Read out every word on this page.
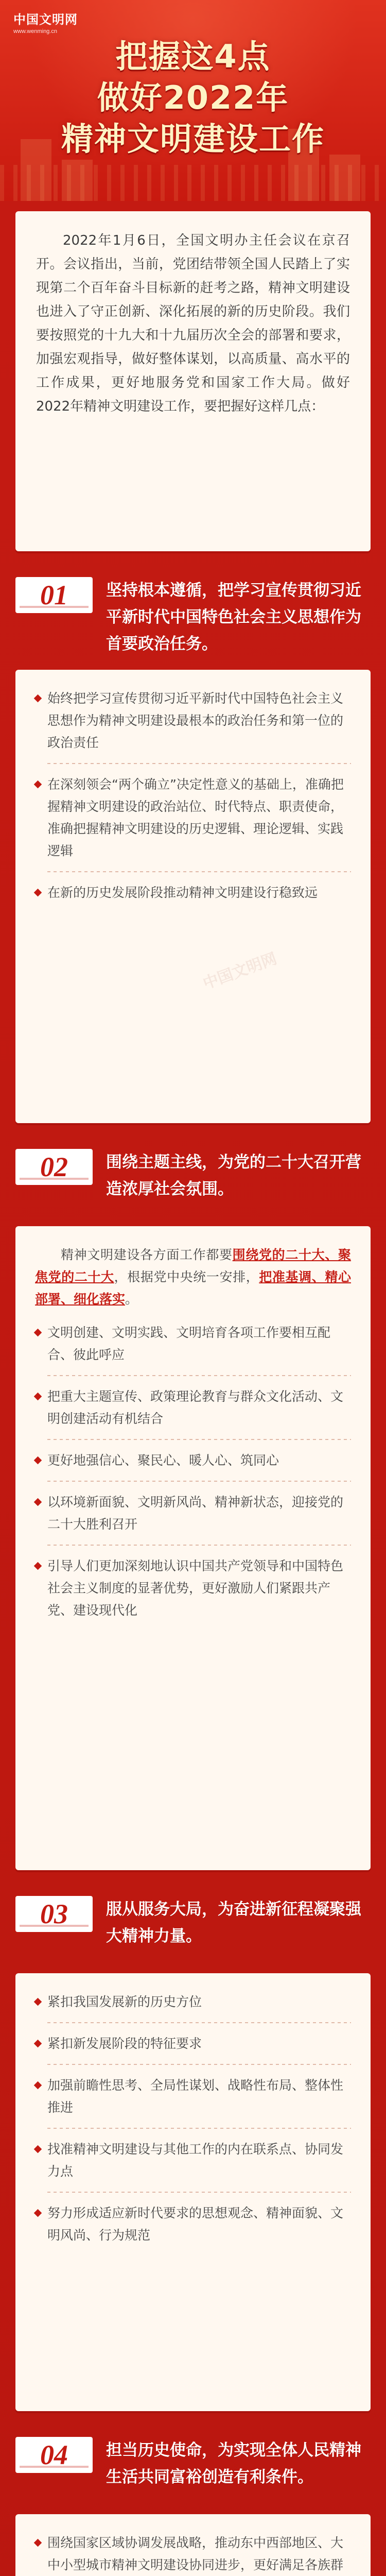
中国文明网
www.wenming.cn
把握这4点
做好2022年
精神文明建设工作

2022年1月6日，全国文明办主任会议在京召开。会议指出，当前，党团结带领全国人民踏上了实现第二个百年奋斗目标新的赶考之路，精神文明建设也进入了守正创新、深化拓展的新的历史阶段。我们要按照党的十九大和十九届历次全会的部署和要求，加强宏观指导，做好整体谋划，以高质量、高水平的工作成果，更好地服务党和国家工作大局。做好2022年精神文明建设工作，要把握好这样几点：

01	坚持根本遵循，把学习宣传贯彻习近平新时代中国特色社会主义思想作为首要政治任务。
始终把学习宣传贯彻习近平新时代中国特色社会主义思想作为精神文明建设最根本的政治任务和第一位的政治责任
在深刻领会“两个确立”决定性意义的基础上，准确把握精神文明建设的政治站位、时代特点、职责使命，准确把握精神文明建设的历史逻辑、理论逻辑、实践逻辑
在新的历史发展阶段推动精神文明建设行稳致远
中国文明网
02	围绕主题主线，为党的二十大召开营造浓厚社会氛围。

精神文明建设各方面工作都要围绕党的二十大、聚焦党的二十大，根据党中央统一安排，把准基调、精心部署、细化落实。

文明创建、文明实践、文明培育各项工作要相互配合、彼此呼应
把重大主题宣传、政策理论教育与群众文化活动、文明创建活动有机结合
更好地强信心、聚民心、暖人心、筑同心
以环境新面貌、文明新风尚、精神新状态，迎接党的二十大胜利召开
引导人们更加深刻地认识中国共产党领导和中国特色社会主义制度的显著优势，更好激励人们紧跟共产党、建设现代化
03	服从服务大局，为奋进新征程凝聚强大精神力量。
紧扣我国发展新的历史方位
紧扣新发展阶段的特征要求
加强前瞻性思考、全局性谋划、战略性布局、整体性推进
找准精神文明建设与其他工作的内在联系点、协同发力点
努力形成适应新时代要求的思想观念、精神面貌、文明风尚、行为规范
04	担当历史使命，为实现全体人民精神生活共同富裕创造有利条件。
围绕国家区域协调发展战略，推动东中西部地区、大中小型城市精神文明建设协同进步，更好满足各族群
